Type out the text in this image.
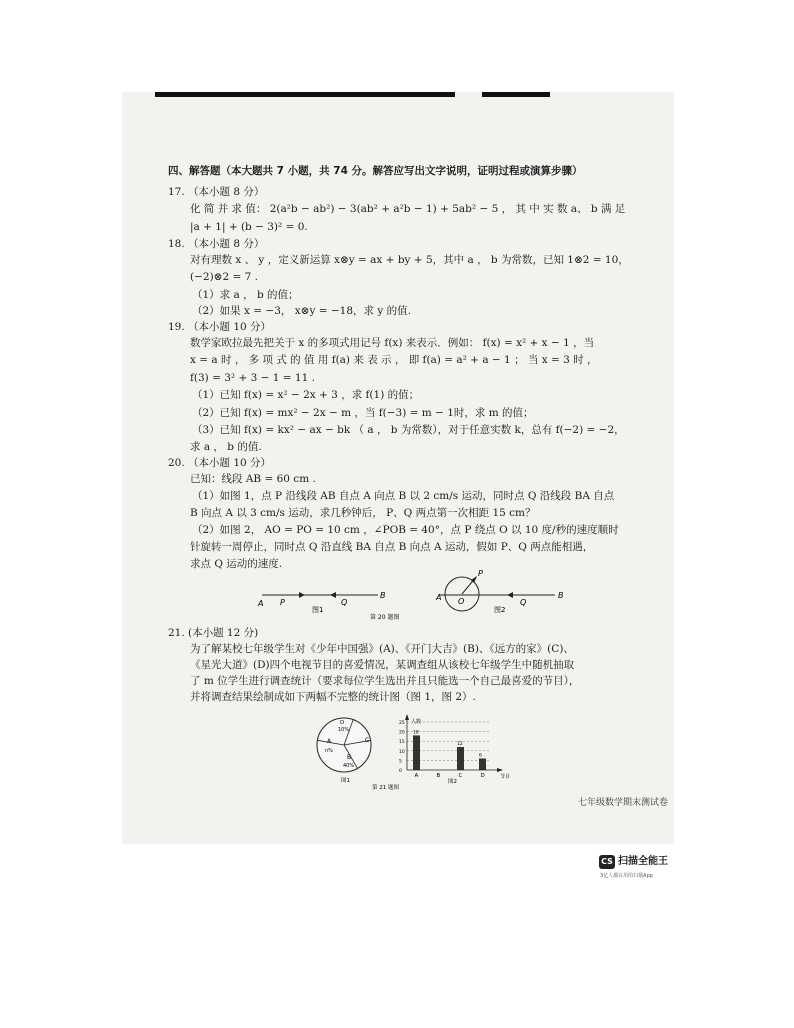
四、解答题（本大题共 7 小题，共 74 分。解答应写出文字说明，证明过程或演算步骤）
17. （本小题 8 分）
化 简 并 求 值： 2(a²b − ab²) − 3(ab² + a²b − 1) + 5ab² − 5 ， 其 中 实 数 a、 b 满 足
|a + 1| + (b − 3)² = 0.
18. （本小题 8 分）
对有理数 x 、 y ，定义新运算 x⊗y = ax + by + 5，其中 a ， b 为常数，已知 1⊗2 = 10，
(−2)⊗2 = 7 .
（1）求 a ， b 的值；
（2）如果 x = −3， x⊗y = −18，求 y 的值.
19. （本小题 10 分）
数学家欧拉最先把关于 x 的多项式用记号 f(x) 来表示．例如： f(x) = x² + x − 1 ，当
x = a 时 ， 多 项 式 的 值 用 f(a) 来 表 示 ， 即 f(a) = a² + a − 1 ； 当 x = 3 时 ，
f(3) = 3² + 3 − 1 = 11 .
（1）已知 f(x) = x² − 2x + 3 ，求 f(1) 的值；
（2）已知 f(x) = mx² − 2x − m ，当 f(−3) = m − 1时，求 m 的值；
（3）已知 f(x) = kx² − ax − bk （ a ， b 为常数），对于任意实数 k，总有 f(−2) = −2，
求 a ， b 的值.
20. （本小题 10 分）
已知：线段 AB = 60 cm .
（1）如图 1，点 P 沿线段 AB 自点 A 向点 B 以 2 cm/s 运动，同时点 Q 沿线段 BA 自点
B 向点 A 以 3 cm/s 运动，求几秒钟后， P、Q 两点第一次相距 15 cm？
（2）如图 2， AO = PO = 10 cm ，∠POB = 40°，点 P 绕点 O 以 10 度/秒的速度顺时
针旋转一周停止，同时点 Q 沿直线 BA 自点 B 向点 A 运动，假如 P、Q 两点能相遇，
求点 Q 运动的速度.
A P	Q
B
图1
A O
P
Q
B
图2
第 20 题图
21. (本小题 12 分)
为了解某校七年级学生对《少年中国强》(A)、《开门大吉》(B)、《远方的家》(C)、
《星光大道》(D)四个电视节目的喜爱情况，某调查组从该校七年级学生中随机抽取
了 m 位学生进行调查统计（要求每位学生选出并且只能选一个自己最喜爱的节目），
并将调查结果绘制成如下两幅不完整的统计图（图 1，图 2）.
A
n%
B
40%
C
D
10%
图1
0
5
10
15
20
25
18
12
6
A	B	C	D
人数
节目
图2
第 21 题图
七年级数学期末测试卷
CS 扫描全能王
3亿人都在用的扫描App
